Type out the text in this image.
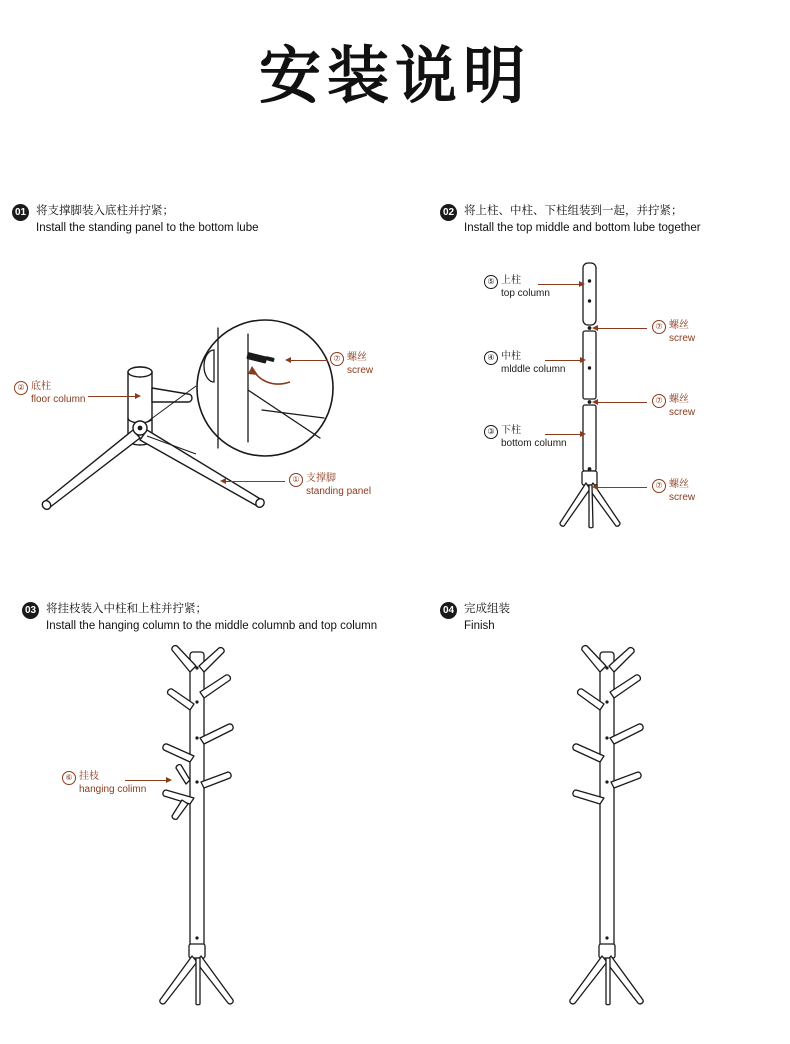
安装说明
01 将支撑脚装入底柱并拧紧；
Install the standing panel to the bottom lube
02 将上柱、中柱、下柱组装到一起，并拧紧；
Install the top middle and bottom lube together
03 将挂枝装入中柱和上柱并拧紧；
Install the hanging column to the middle columnb and top column
04 完成组装
Finish
② 底柱
floor column
① 支撑脚
standing panel
⑦ 螺丝
screw
⑤ 上柱
top column
④ 中柱
mlddle column
③ 下柱
bottom column
⑦ 螺丝
screw
⑦ 螺丝
screw
⑦ 螺丝
screw
⑥ 挂枝
hanging colimn
